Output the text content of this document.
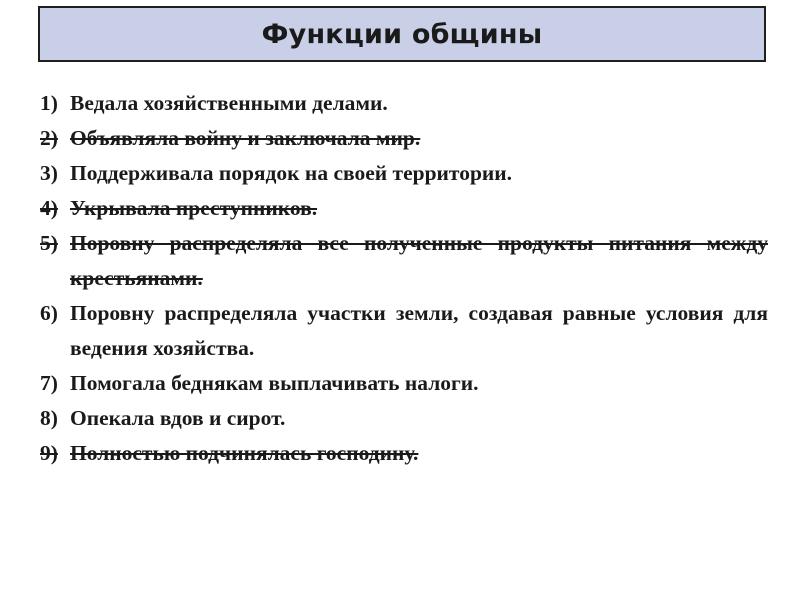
Функции общины
1) Ведала хозяйственными делами.
2) Объявляла войну и заключала мир.
3) Поддерживала порядок на своей территории.
4) Укрывала преступников.
5) Поровну распределяла все полученные продукты питания между крестьянами.
6) Поровну распределяла участки земли, создавая равные условия для ведения хозяйства.
7) Помогала беднякам выплачивать налоги.
8) Опекала вдов и сирот.
9) Полностью подчинялась господину.
